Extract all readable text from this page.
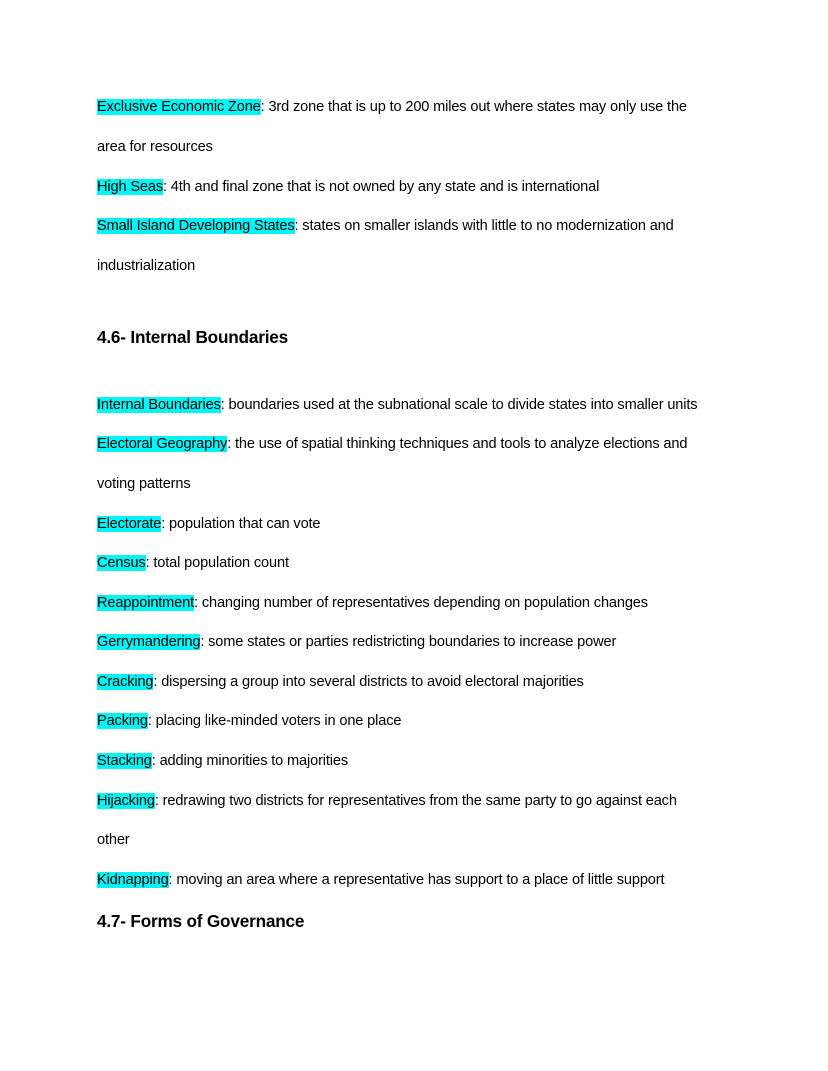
Exclusive Economic Zone: 3rd zone that is up to 200 miles out where states may only use the
area for resources
High Seas: 4th and final zone that is not owned by any state and is international
Small Island Developing States: states on smaller islands with little to no modernization and
industrialization
4.6- Internal Boundaries
Internal Boundaries: boundaries used at the subnational scale to divide states into smaller units
Electoral Geography: the use of spatial thinking techniques and tools to analyze elections and
voting patterns
Electorate: population that can vote
Census: total population count
Reappointment: changing number of representatives depending on population changes
Gerrymandering: some states or parties redistricting boundaries to increase power
Cracking: dispersing a group into several districts to avoid electoral majorities
Packing: placing like-minded voters in one place
Stacking: adding minorities to majorities
Hijacking: redrawing two districts for representatives from the same party to go against each
other
Kidnapping: moving an area where a representative has support to a place of little support
4.7- Forms of Governance
